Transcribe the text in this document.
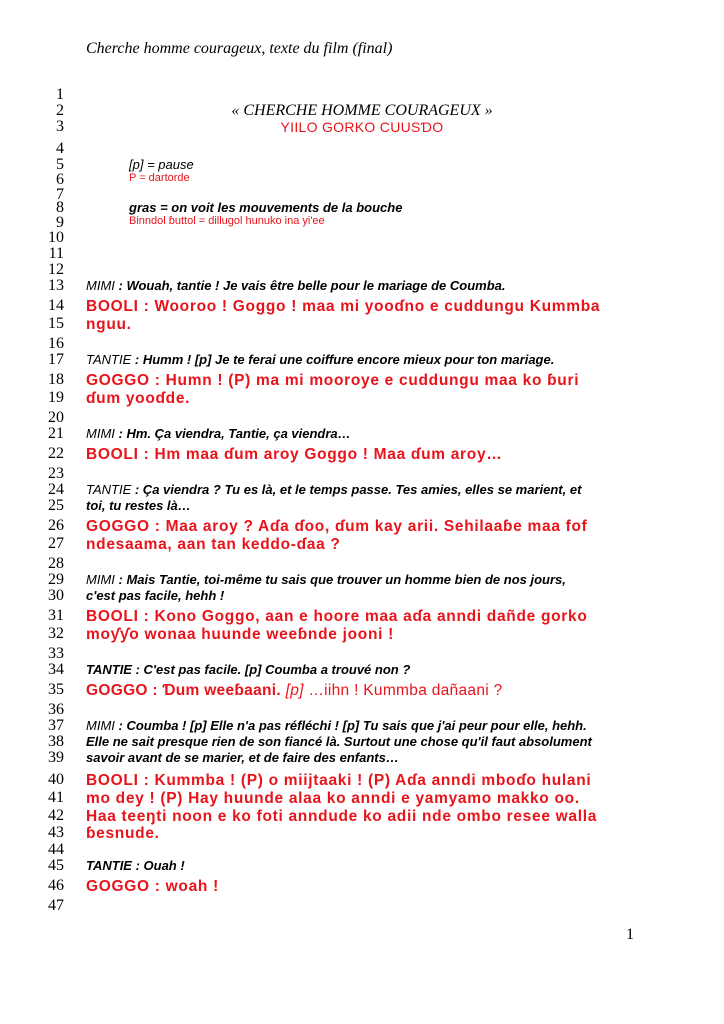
Cherche homme courageux, texte du film (final)
1
2
3
4
5
6
7
8
9
10
11
12
13
14
15
16
17
18
19
20
21
22
23
24
25
26
27
28
29
30
31
32
33
34
35
36
37
38
39
40
41
42
43
44
45
46
47
« CHERCHE HOMME COURAGEUX »
YIILO GORKO CUUSƊO
[p] = pause
P = dartorde
gras = on voit les mouvements de la bouche
Binndol ɓuttol = dillugol hunuko ina yi'ee
MIMI : Wouah, tantie ! Je vais être belle pour le mariage de Coumba.
BOOLI : Wooroo ! Goggo ! maa mi yooɗno e cuddungu Kummba
nguu.
TANTIE : Humm ! [p] Je te ferai une coiffure encore mieux pour ton mariage.
GOGGO : Humn ! (P) ma mi mooroye e cuddungu maa ko ɓuri
ɗum yooɗde.
MIMI : Hm. Ça viendra, Tantie, ça viendra…
BOOLI : Hm maa ɗum aroy Goggo ! Maa ɗum aroy…
TANTIE : Ça viendra ? Tu es là, et le temps passe. Tes amies, elles se marient, et
toi, tu restes là…
GOGGO : Maa aroy ? Aɗa ɗoo, ɗum kay arii. Sehilaaɓe maa fof
ndesaama, aan tan keddo-ɗaa ?
MIMI : Mais Tantie, toi-même tu sais que trouver un homme bien de nos jours,
c'est pas facile, hehh !
BOOLI : Kono Goggo, aan e hoore maa aɗa anndi dañde gorko
moƴƴo wonaa huunde weeɓnde jooni !
TANTIE : C'est pas facile. [p] Coumba a trouvé non ?
GOGGO : Ɗum weeɓaani. [p] …iihn ! Kummba dañaani ?
MIMI : Coumba ! [p] Elle n'a pas réfléchi ! [p] Tu sais que j'ai peur pour elle, hehh.
Elle ne sait presque rien de son fiancé là. Surtout une chose qu'il faut absolument
savoir avant de se marier, et de faire des enfants…
BOOLI : Kummba ! (P) o miijtaaki ! (P) Aɗa anndi mboɗo hulani
mo dey ! (P) Hay huunde alaa ko anndi e yamyamo makko oo.
Haa teeŋti noon e ko foti anndude ko adii nde ombo resee walla
ɓesnude.
TANTIE : Ouah !
GOGGO : woah !
1
